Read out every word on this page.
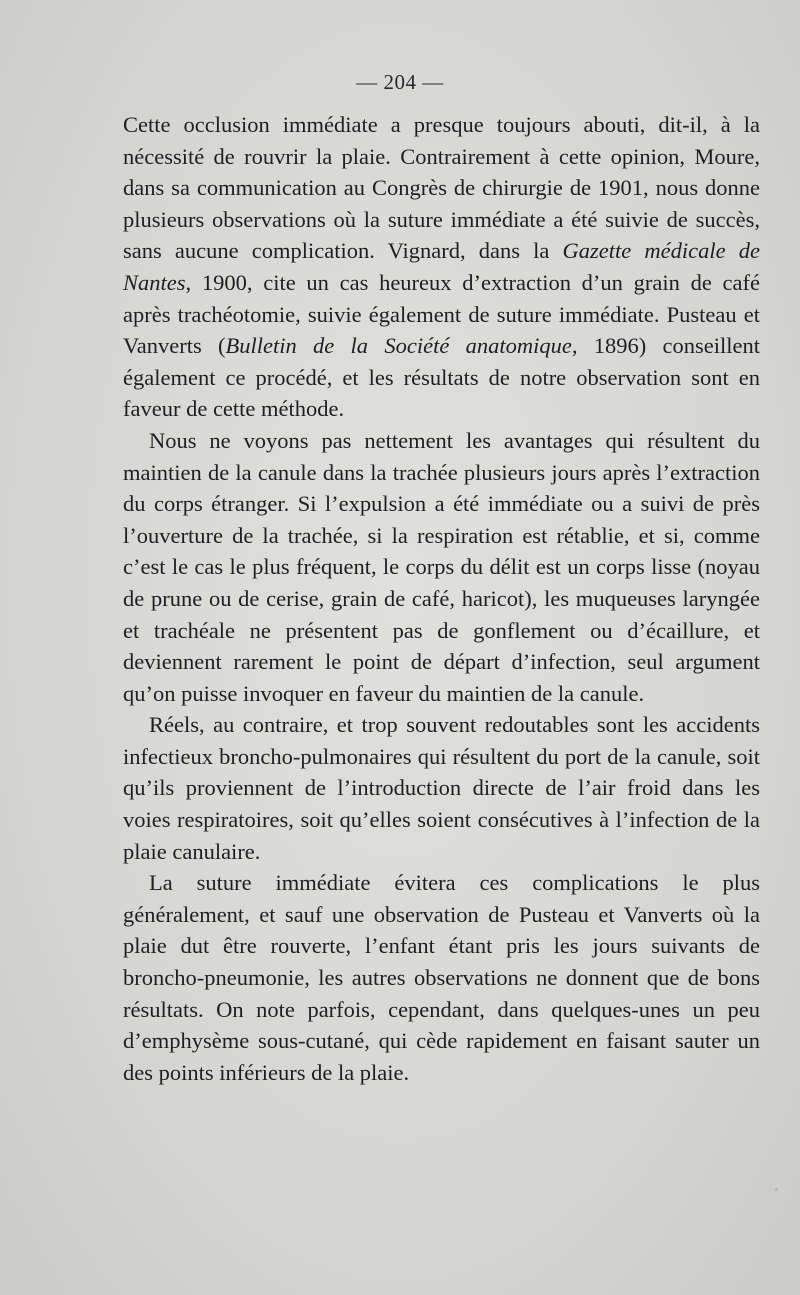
— 204 —

Cette occlusion immédiate a presque toujours abouti, dit-il, à la nécessité de rouvrir la plaie. Contrairement à cette opinion, Moure, dans sa communication au Congrès de chirurgie de 1901, nous donne plusieurs observations où la suture immédiate a été suivie de succès, sans aucune complication. Vignard, dans la Gazette médicale de Nantes, 1900, cite un cas heureux d’extraction d’un grain de café après trachéotomie, suivie également de suture immédiate. Pusteau et Vanverts (Bulletin de la Société anatomique, 1896) conseillent également ce procédé, et les résultats de notre observation sont en faveur de cette méthode.

Nous ne voyons pas nettement les avantages qui résultent du maintien de la canule dans la trachée plusieurs jours après l’extraction du corps étranger. Si l’expulsion a été immédiate ou a suivi de près l’ouverture de la trachée, si la respiration est rétablie, et si, comme c’est le cas le plus fréquent, le corps du délit est un corps lisse (noyau de prune ou de cerise, grain de café, haricot), les muqueuses laryngée et trachéale ne présentent pas de gonflement ou d’écaillure, et deviennent rarement le point de départ d’infection, seul argument qu’on puisse invoquer en faveur du maintien de la canule.

Réels, au contraire, et trop souvent redoutables sont les accidents infectieux broncho-pulmonaires qui résultent du port de la canule, soit qu’ils proviennent de l’introduction directe de l’air froid dans les voies respiratoires, soit qu’elles soient consécutives à l’infection de la plaie canulaire.

La suture immédiate évitera ces complications le plus généralement, et sauf une observation de Pusteau et Vanverts où la plaie dut être rouverte, l’enfant étant pris les jours suivants de broncho-pneumonie, les autres observations ne donnent que de bons résultats. On note parfois, cependant, dans quelques-unes un peu d’emphysème sous-cutané, qui cède rapidement en faisant sauter un des points inférieurs de la plaie.
